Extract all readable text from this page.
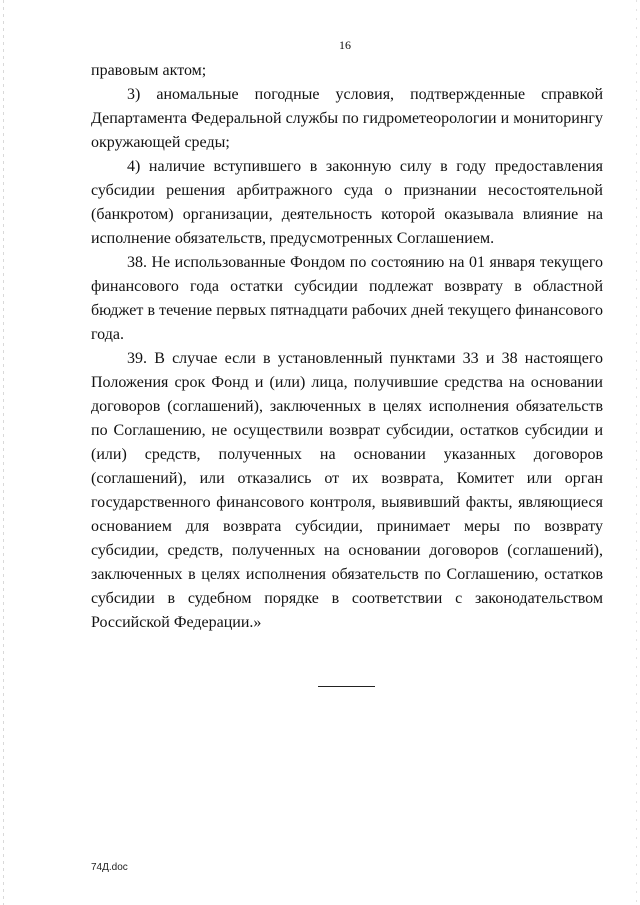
16

правовым актом;

3) аномальные погодные условия, подтвержденные справкой Департамента Федеральной службы по гидрометеорологии и мониторингу окружающей среды;

4) наличие вступившего в законную силу в году предоставления субсидии решения арбитражного суда о признании несостоятельной (банкротом) организации, деятельность которой оказывала влияние на исполнение обязательств, предусмотренных Соглашением.

38. Не использованные Фондом по состоянию на 01 января текущего финансового года остатки субсидии подлежат возврату в областной бюджет в течение первых пятнадцати рабочих дней текущего финансового года.

39. В случае если в установленный пунктами 33 и 38 настоящего Положения срок Фонд и (или) лица, получившие средства на основании договоров (соглашений), заключенных в целях исполнения обязательств по Соглашению, не осуществили возврат субсидии, остатков субсидии и (или) средств, полученных на основании указанных договоров (соглашений), или отказались от их возврата, Комитет или орган государственного финансового контроля, выявивший факты, являющиеся основанием для возврата субсидии, принимает меры по возврату субсидии, средств, полученных на основании договоров (соглашений), заключенных в целях исполнения обязательств по Соглашению, остатков субсидии в судебном порядке в соответствии с законодательством Российской Федерации.»

74Д.doc
